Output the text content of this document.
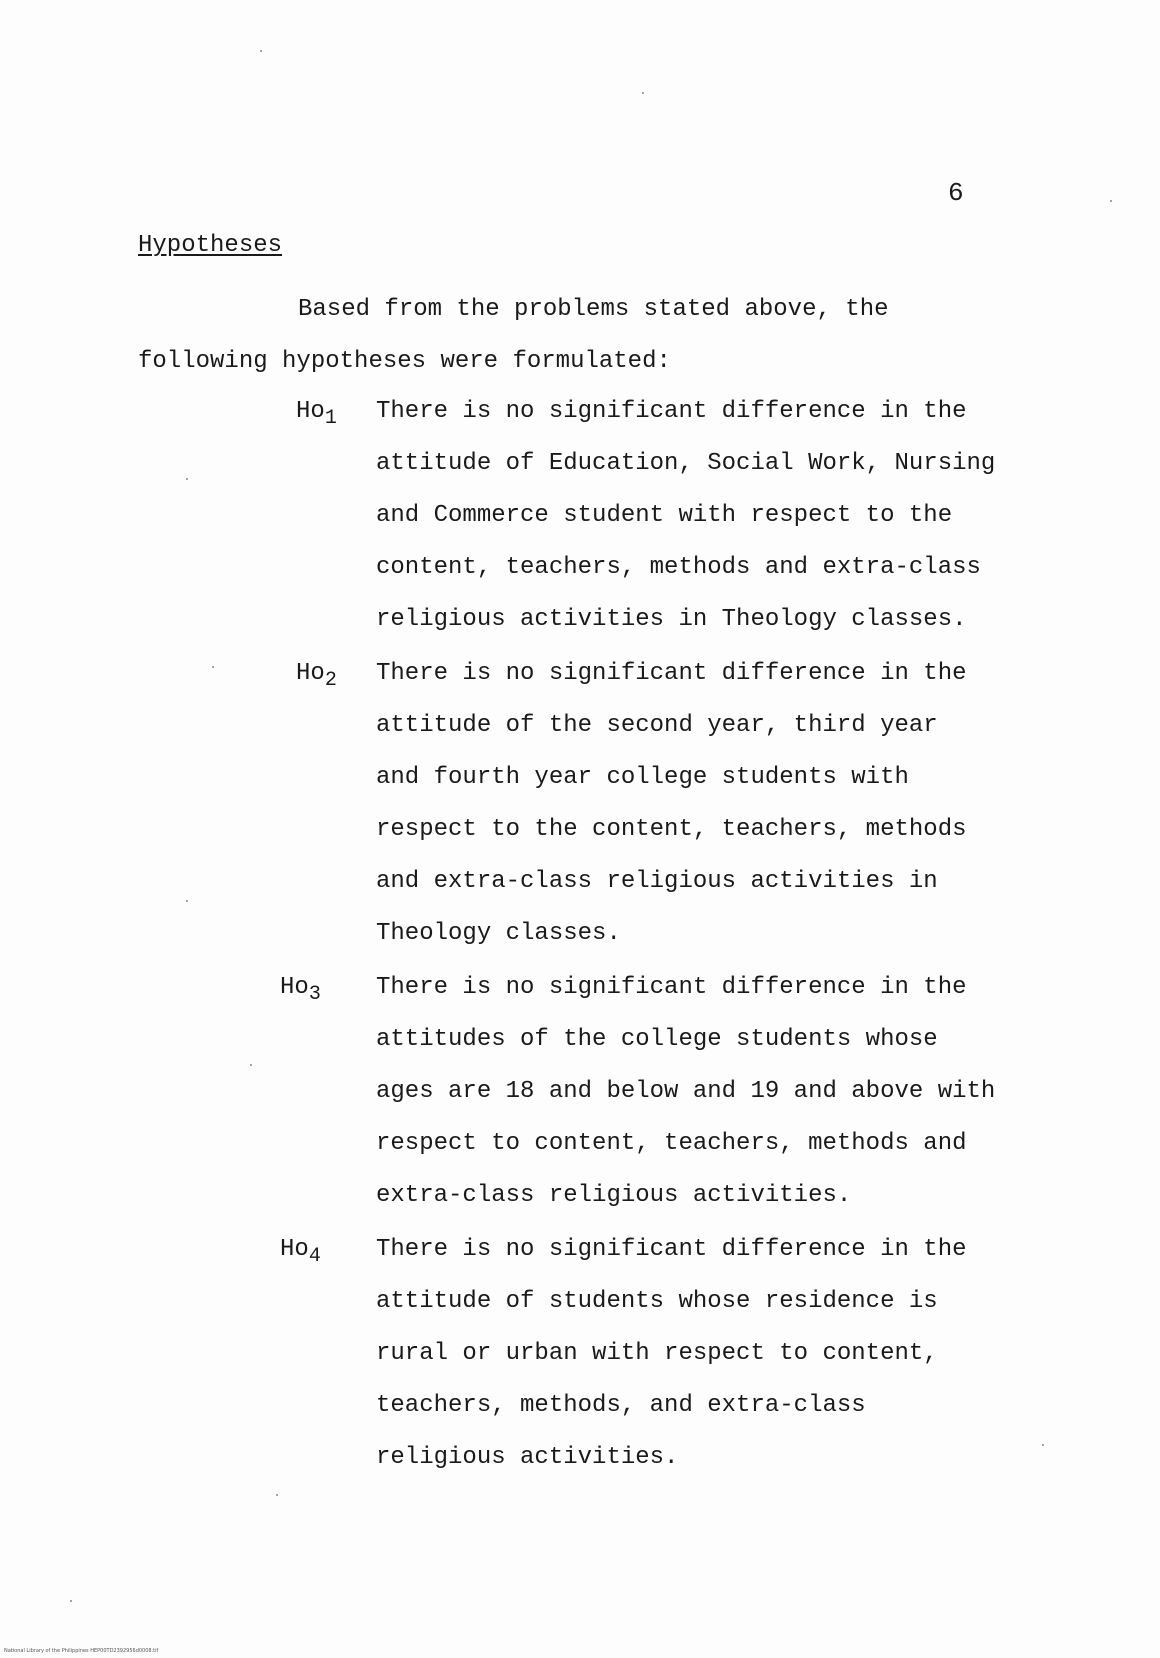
6
Hypotheses
Based from the problems stated above, the
following hypotheses were formulated:
$Ho_1$ There is no significant difference in the
attitude of Education, Social Work, Nursing
and Commerce student with respect to the
content, teachers, methods and extra-class
religious activities in Theology classes.
$Ho_2$ There is no significant difference in the
attitude of the second year, third year
and fourth year college students with
respect to the content, teachers, methods
and extra-class religious activities in
Theology classes.
$Ho_3$ There is no significant difference in the
attitudes of the college students whose
ages are 18 and below and 19 and above with
respect to content, teachers, methods and
extra-class religious activities.
$Ho_4$ There is no significant difference in the
attitude of students whose residence is
rural or urban with respect to content,
teachers, methods, and extra-class
religious activities.
National Library of the Philippines HEP00TD2392956d0008.tif
